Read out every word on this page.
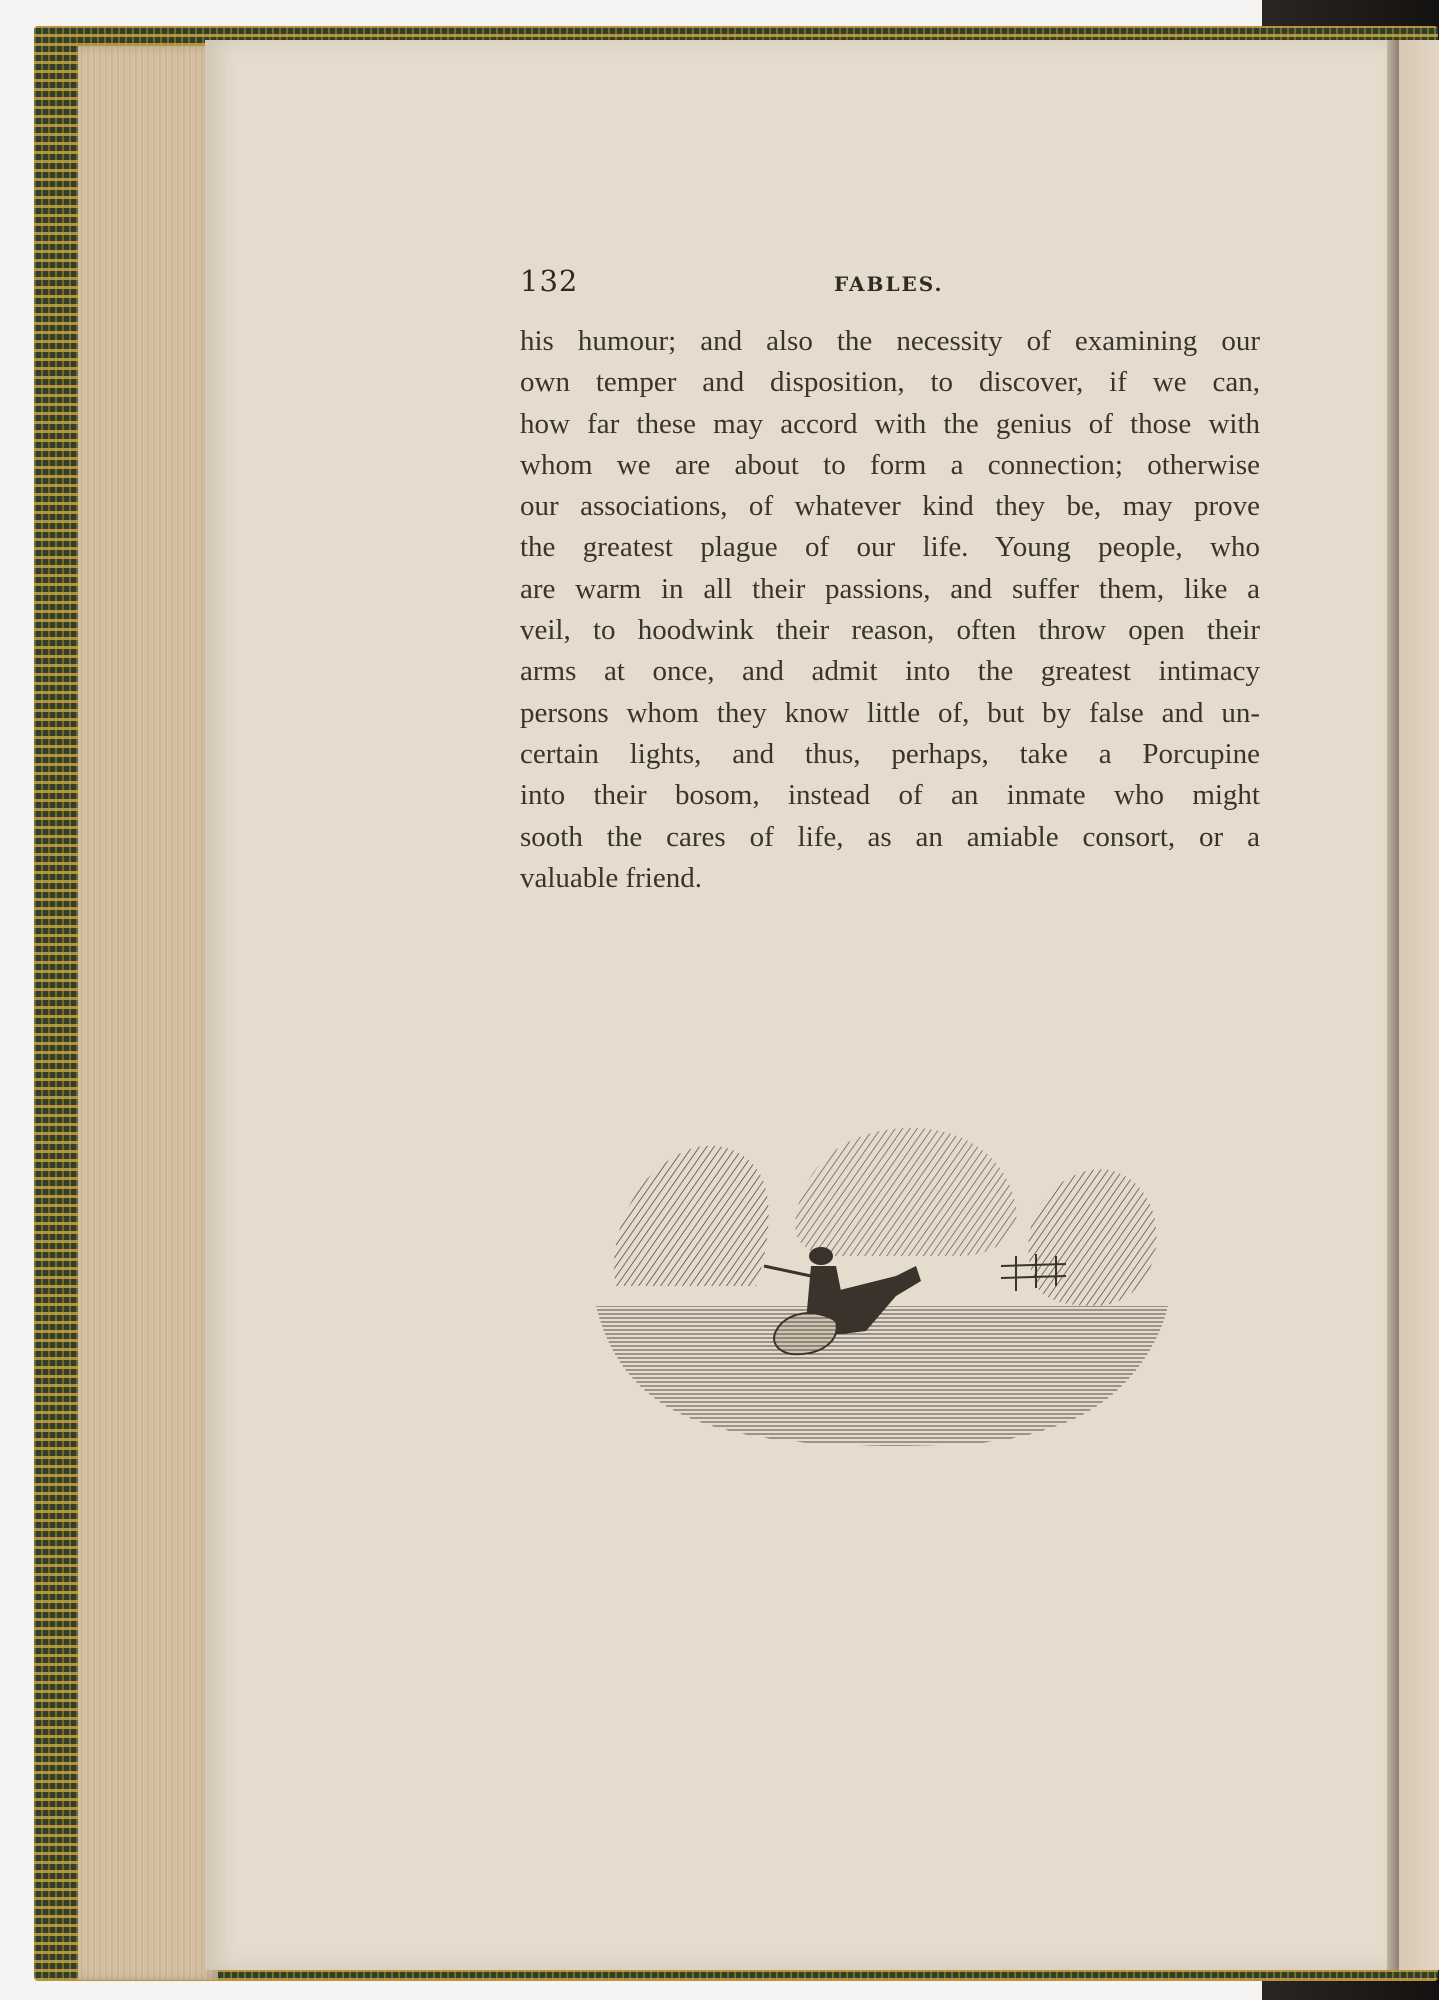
132	FABLES.
his humour; and also the necessity of examining our
own temper and disposition, to discover, if we can,
how far these may accord with the genius of those with
whom we are about to form a connection; otherwise
our associations, of whatever kind they be, may prove
the greatest plague of our life. Young people, who
are warm in all their passions, and suffer them, like a
veil, to hoodwink their reason, often throw open their
arms at once, and admit into the greatest intimacy
persons whom they know little of, but by false and un-
certain lights, and thus, perhaps, take a Porcupine
into their bosom, instead of an inmate who might
sooth the cares of life, as an amiable consort, or a
valuable friend.
